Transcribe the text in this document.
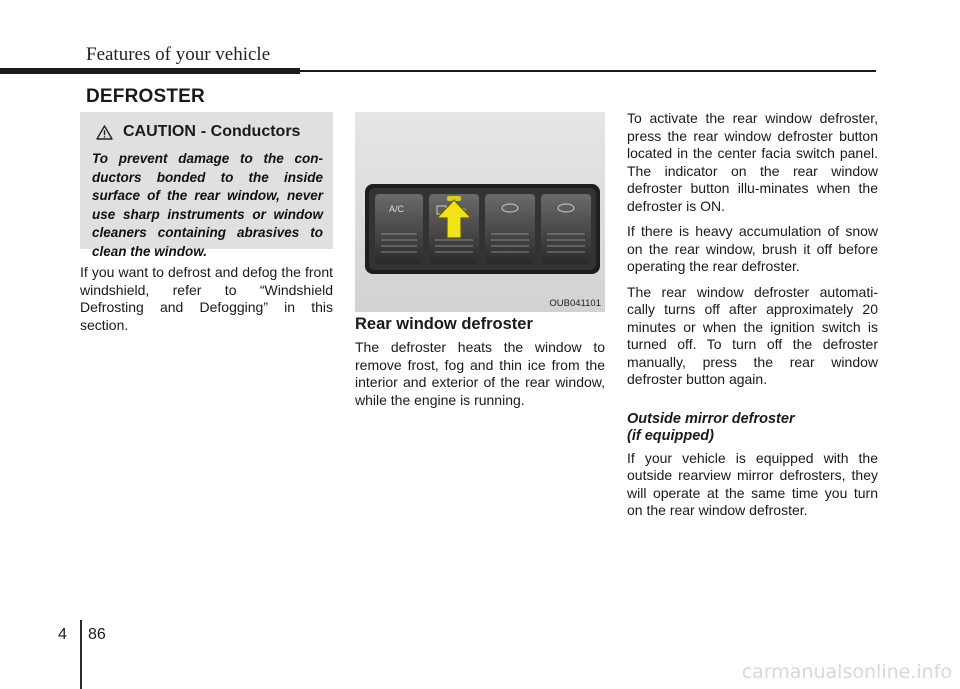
Features of your vehicle
DEFROSTER
CAUTION - Conductors
To prevent damage to the con-ductors bonded to the inside surface of the rear window, never use sharp instruments or window cleaners containing abrasives to clean the window.
If you want to defrost and defog the front windshield, refer to “Windshield Defrosting and Defogging” in this section.
A/C
OUB041101
Rear window defroster
The defroster heats the window to remove frost, fog and thin ice from the interior and exterior of the rear window, while the engine is running.

To activate the rear window defroster, press the rear window defroster button located in the center facia switch panel. The indicator on the rear window defroster button illu-minates when the defroster is ON.

If there is heavy accumulation of snow on the rear window, brush it off before operating the rear defroster.

The rear window defroster automati-cally turns off after approximately 20 minutes or when the ignition switch is turned off. To turn off the defroster manually, press the rear window defroster button again.

Outside mirror defroster
(if equipped)

If your vehicle is equipped with the outside rearview mirror defrosters, they will operate at the same time you turn on the rear window defroster.

4 86
carmanualsonline.info
